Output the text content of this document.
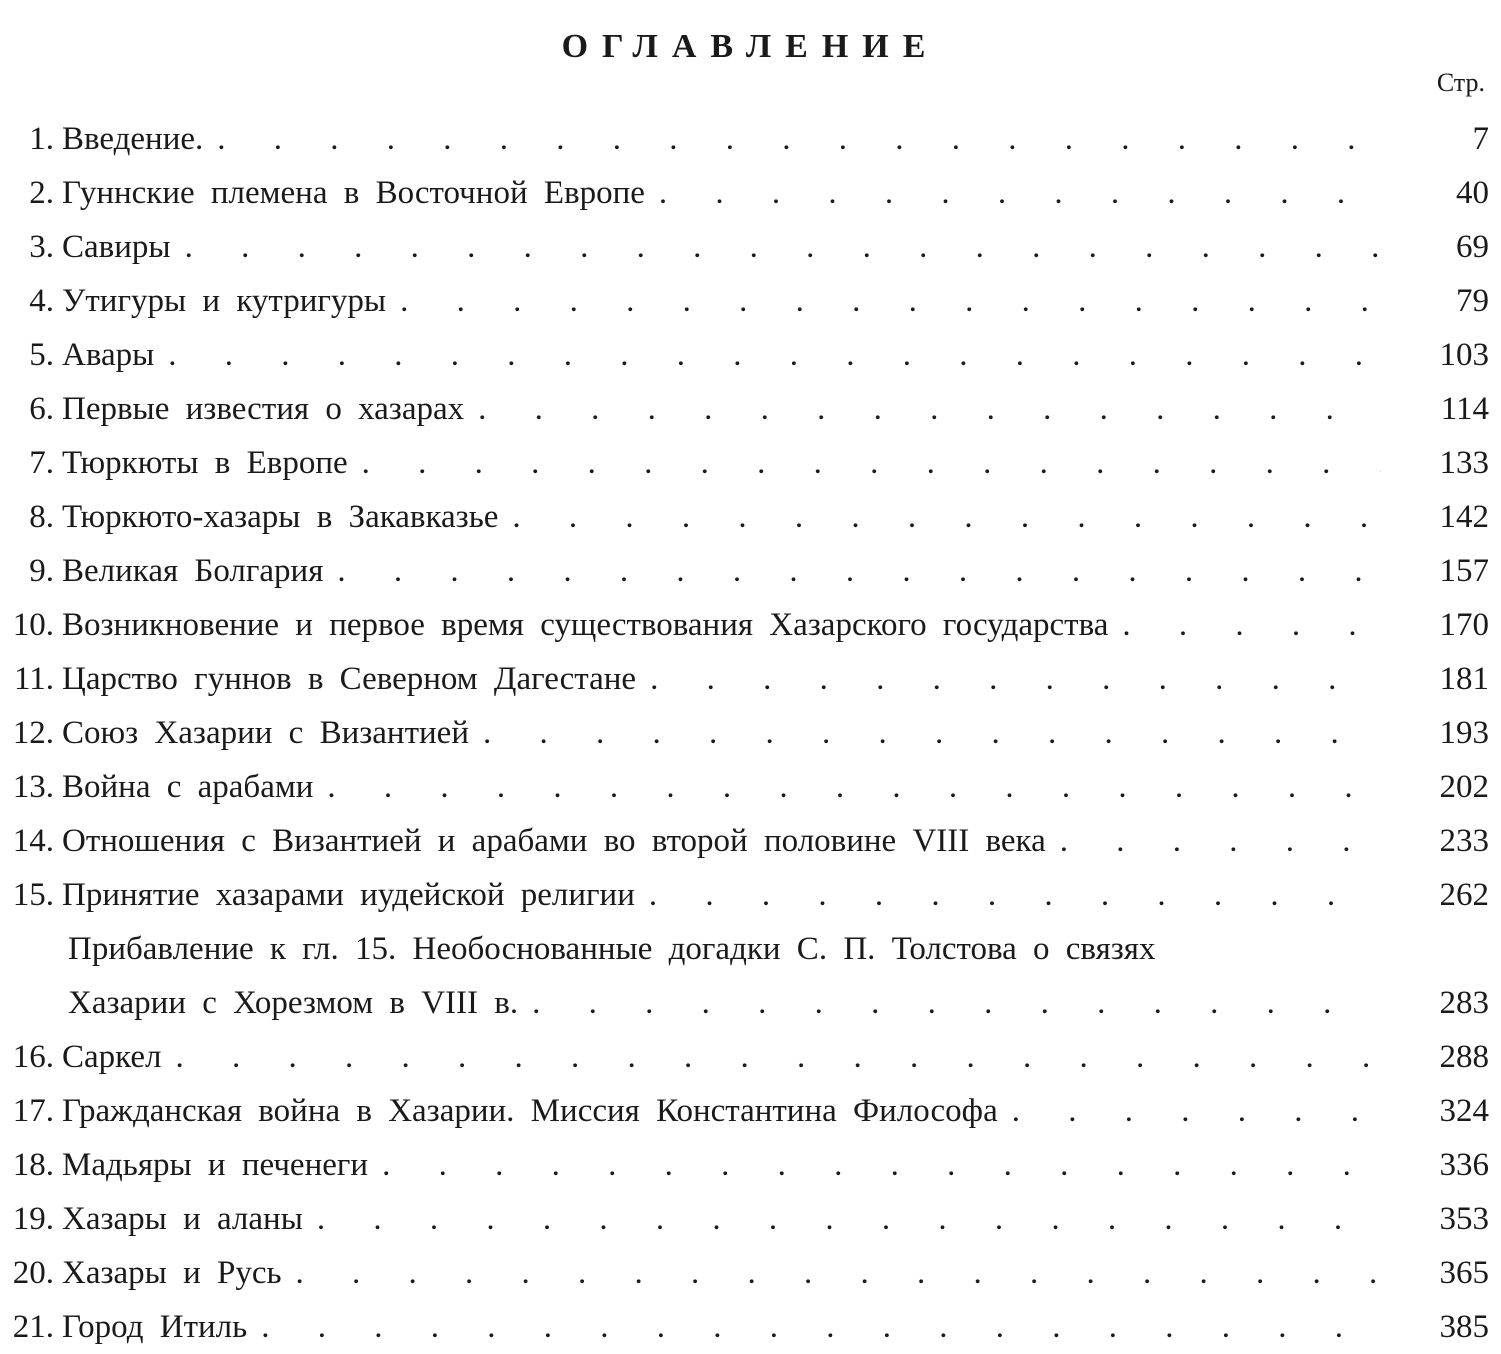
ОГЛАВЛЕНИЕ
Стр.
1. Введение. . . .	7
2. Гуннские племена в Восточной Европе . . .	40
3. Савиры . . .	69
4. Утигуры и кутригуры . . .	79
5. Авары . . .	103
6. Первые известия о хазарах . . .	114
7. Тюркюты в Европе . . .	133
8. Тюркюто-хазары в Закавказье . . .	142
9. Великая Болгария . . .	157
10. Возникновение и первое время существования Хазарского государства . . .	170
11. Царство гуннов в Северном Дагестане . . .	181
12. Союз Хазарии с Византией . . .	193
13. Война с арабами . . .	202
14. Отношения с Византией и арабами во второй половине VIII века . . .	233
15. Принятие хазарами иудейской религии . . .	262
Прибавление к гл. 15. Необоснованные догадки С. П. Толстова о связях
Хазарии с Хорезмом в VIII в. . . .	283
16. Саркел . . .	288
17. Гражданская война в Хазарии. Миссия Константина Философа . . .	324
18. Мадьяры и печенеги . . .	336
19. Хазары и аланы . . .	353
20. Хазары и Русь . . .	365
21. Город Итиль . . .	385
